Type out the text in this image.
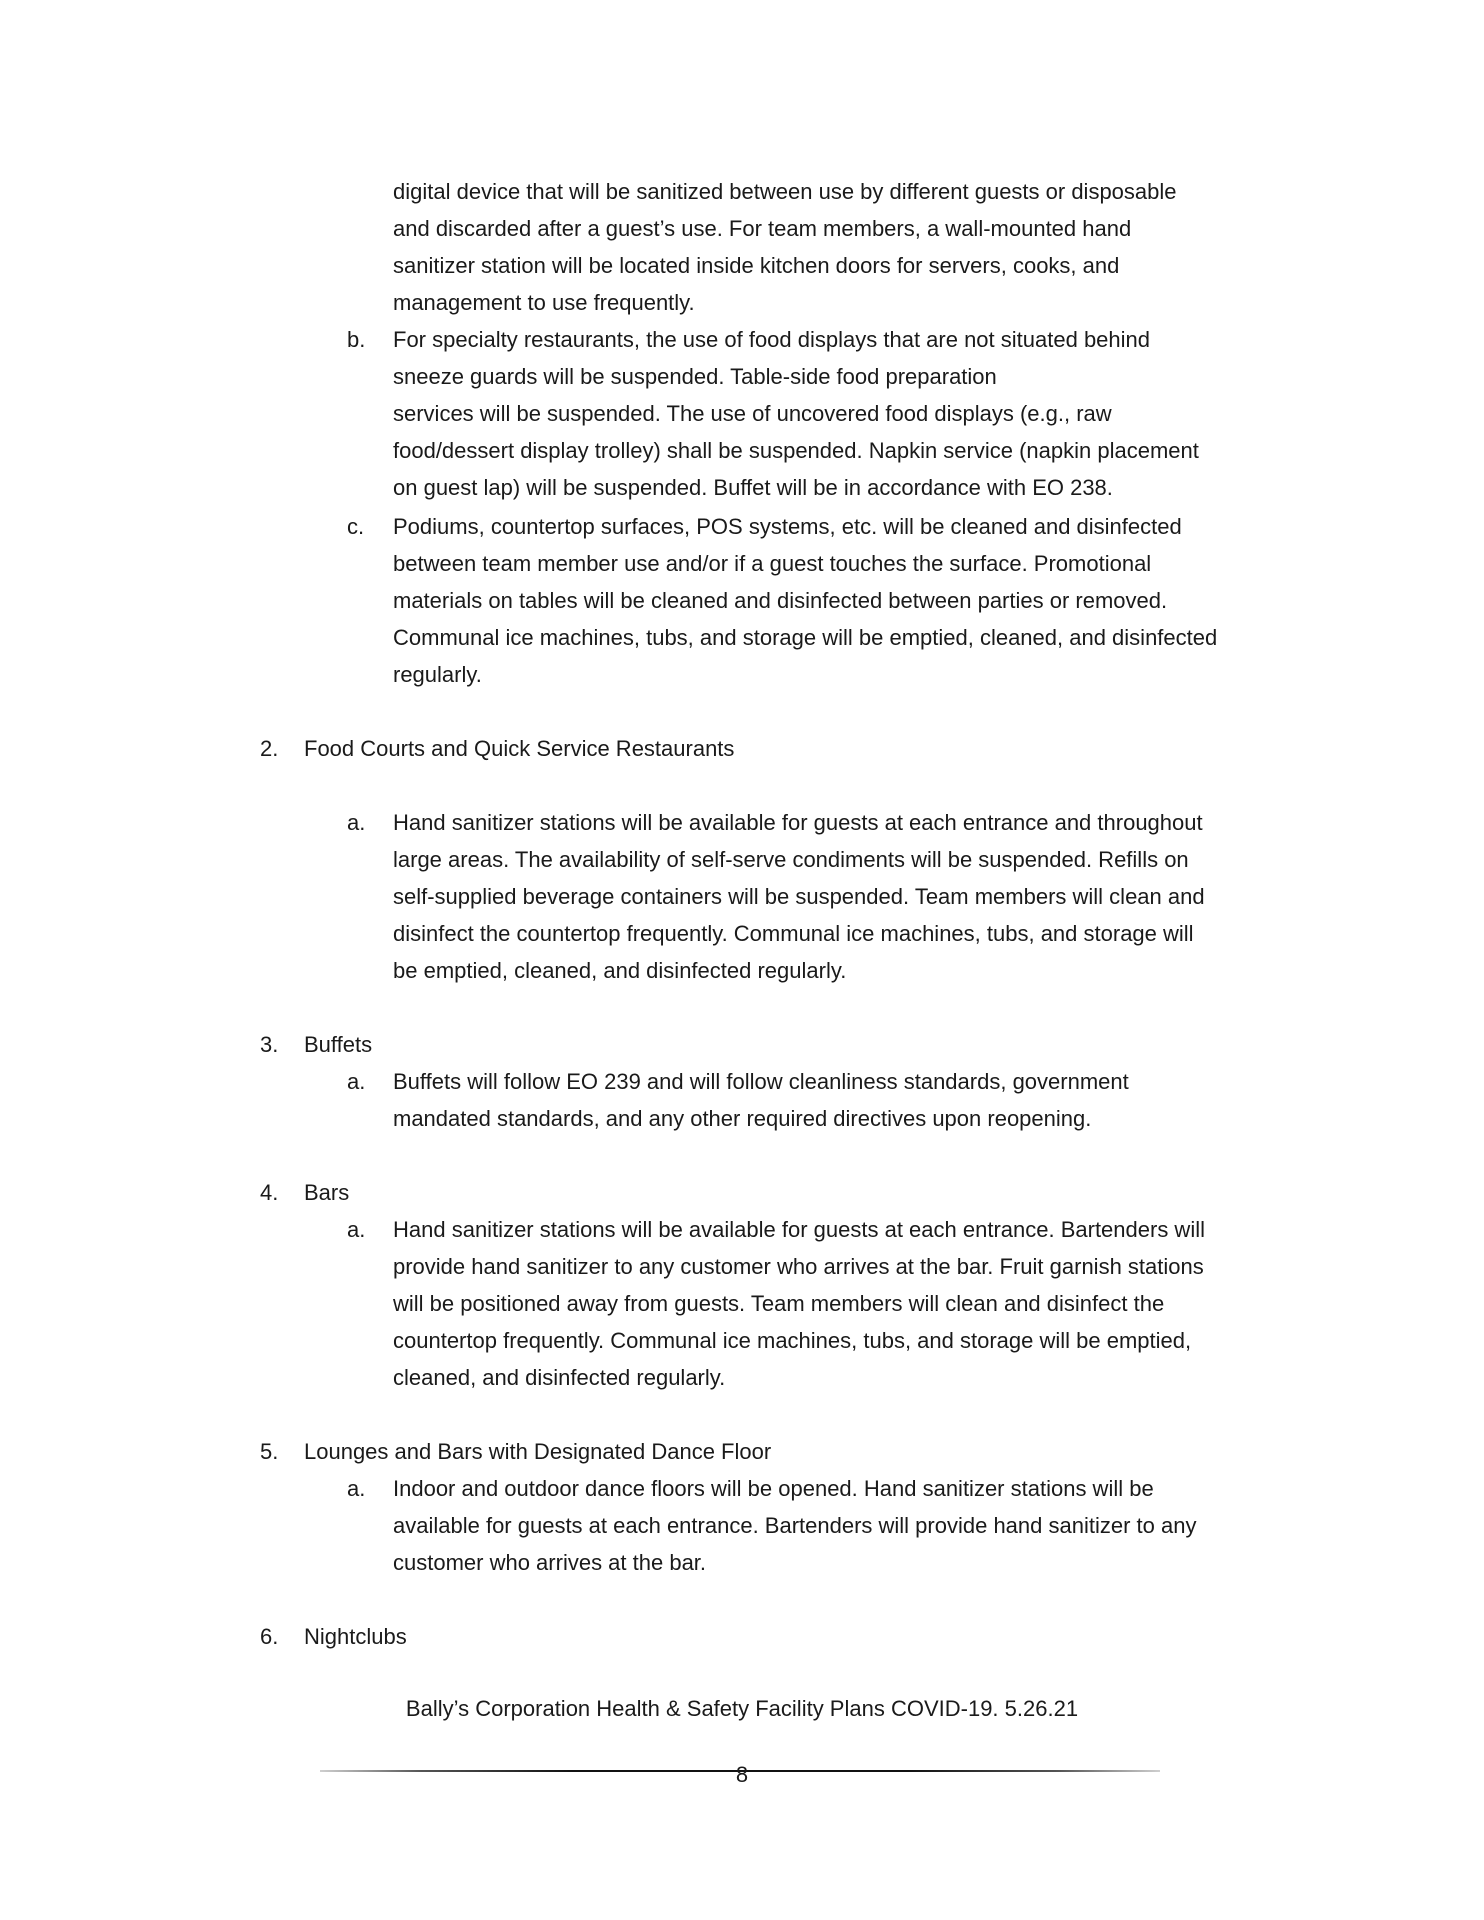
digital device that will be sanitized between use by different guests or disposable
and discarded after a guest’s use. For team members, a wall-mounted hand
sanitizer station will be located inside kitchen doors for servers, cooks, and
management to use frequently.
b. For specialty restaurants, the use of food displays that are not situated behind
sneeze guards will be suspended. Table-side food preparation
services will be suspended. The use of uncovered food displays (e.g., raw
food/dessert display trolley) shall be suspended. Napkin service (napkin placement
on guest lap) will be suspended. Buffet will be in accordance with EO 238.
c. Podiums, countertop surfaces, POS systems, etc. will be cleaned and disinfected
between team member use and/or if a guest touches the surface. Promotional
materials on tables will be cleaned and disinfected between parties or removed.
Communal ice machines, tubs, and storage will be emptied, cleaned, and disinfected
regularly.
2. Food Courts and Quick Service Restaurants
a. Hand sanitizer stations will be available for guests at each entrance and throughout
large areas. The availability of self-serve condiments will be suspended. Refills on
self-supplied beverage containers will be suspended. Team members will clean and
disinfect the countertop frequently. Communal ice machines, tubs, and storage will
be emptied, cleaned, and disinfected regularly.
3. Buffets
a. Buffets will follow EO 239 and will follow cleanliness standards, government
mandated standards, and any other required directives upon reopening.
4. Bars
a. Hand sanitizer stations will be available for guests at each entrance. Bartenders will
provide hand sanitizer to any customer who arrives at the bar. Fruit garnish stations
will be positioned away from guests. Team members will clean and disinfect the
countertop frequently. Communal ice machines, tubs, and storage will be emptied,
cleaned, and disinfected regularly.
5. Lounges and Bars with Designated Dance Floor
a. Indoor and outdoor dance floors will be opened. Hand sanitizer stations will be
available for guests at each entrance. Bartenders will provide hand sanitizer to any
customer who arrives at the bar.
6. Nightclubs
Bally’s Corporation Health & Safety Facility Plans COVID-19. 5.26.21
8
